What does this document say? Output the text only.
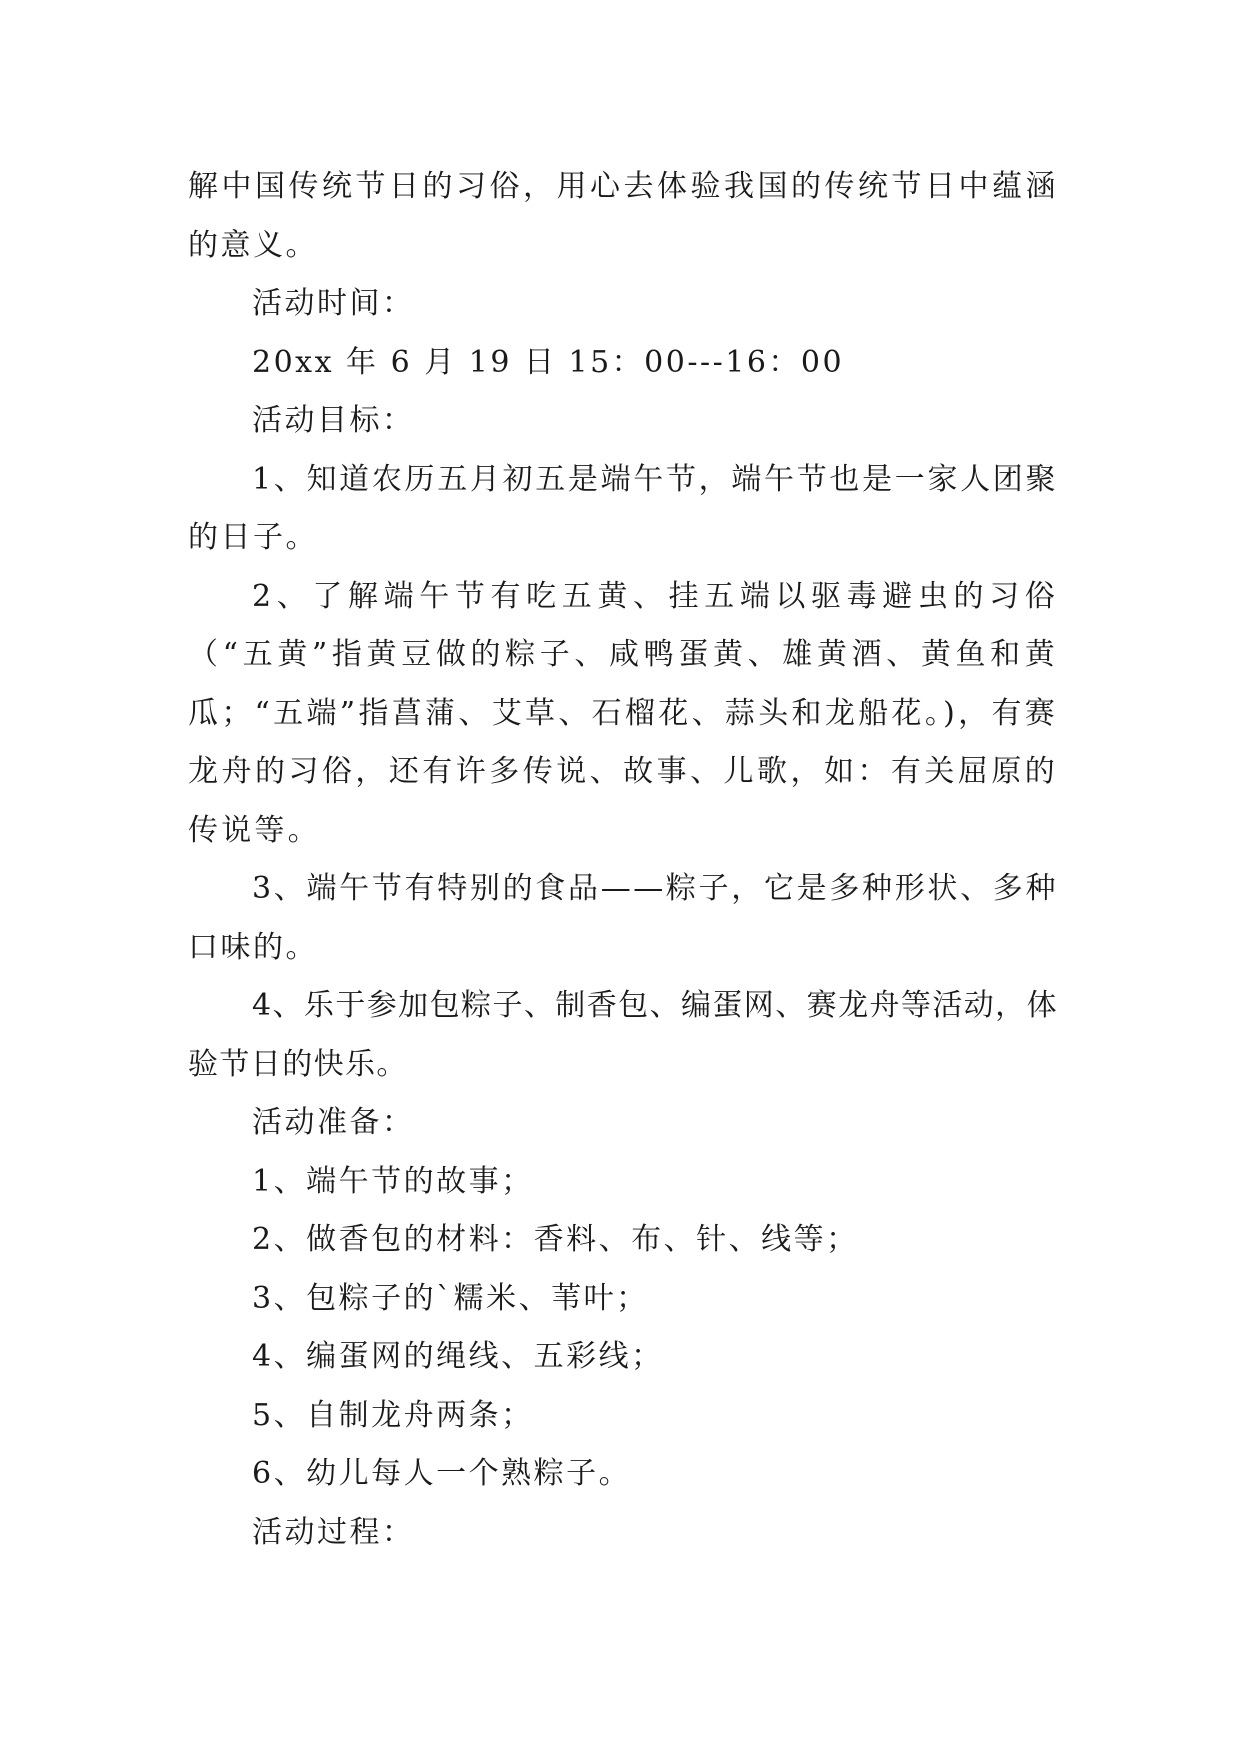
解中国传统节日的习俗，用心去体验我国的传统节日中蕴涵的意义。

活动时间：

20xx 年 6 月 19 日 15：00---16：00

活动目标：

1、知道农历五月初五是端午节，端午节也是一家人团聚的日子。

2、了解端午节有吃五黄、挂五端以驱毒避虫的习俗（“五黄”指黄豆做的粽子、咸鸭蛋黄、雄黄酒、黄鱼和黄瓜；“五端”指菖蒲、艾草、石榴花、蒜头和龙船花。)，有赛龙舟的习俗，还有许多传说、故事、儿歌，如：有关屈原的传说等。

3、端午节有特别的食品——粽子，它是多种形状、多种口味的。

4、乐于参加包粽子、制香包、编蛋网、赛龙舟等活动，体验节日的快乐。

活动准备：

1、端午节的故事；

2、做香包的材料：香料、布、针、线等；

3、包粽子的`糯米、苇叶；

4、编蛋网的绳线、五彩线；

5、自制龙舟两条；

6、幼儿每人一个熟粽子。

活动过程：
